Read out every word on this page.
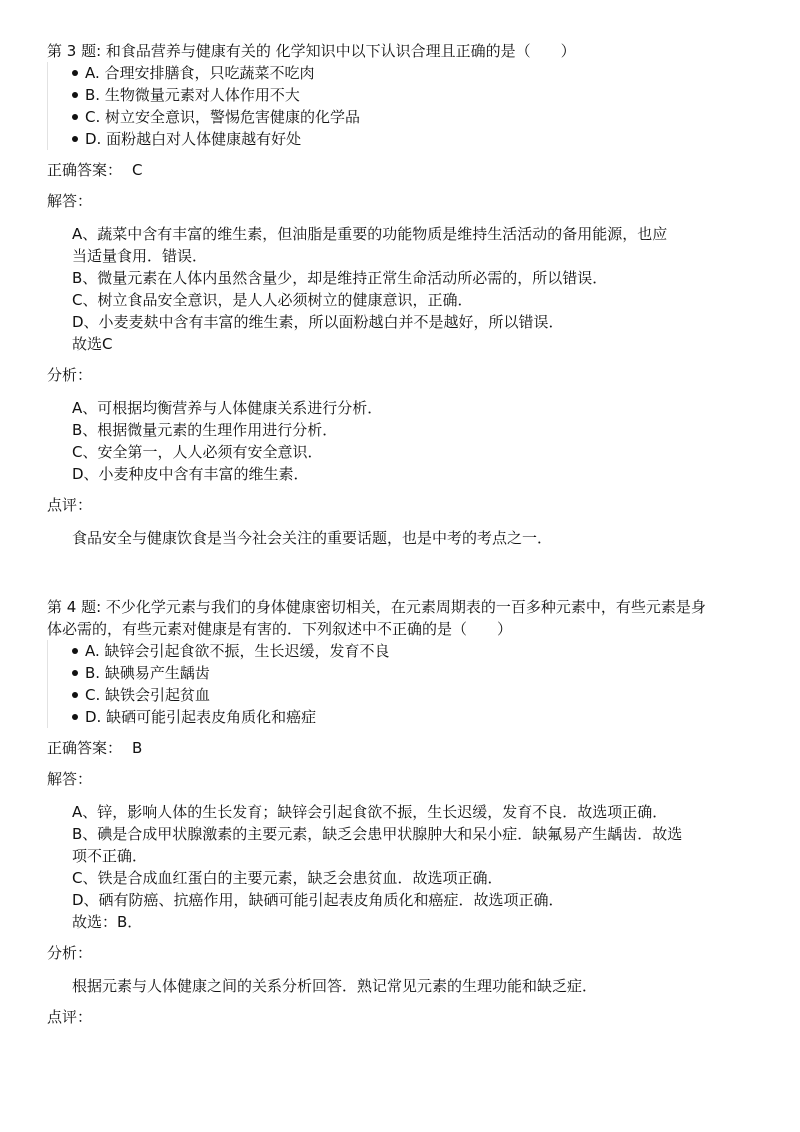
第 3 题: 和食品营养与健康有关的 化学知识中以下认识合理且正确的是（　　）

A. 合理安排膳食，只吃蔬菜不吃肉
B. 生物微量元素对人体作用不大
C. 树立安全意识，警惕危害健康的化学品
D. 面粉越白对人体健康越有好处
正确答案： C
解答：

A、蔬菜中含有丰富的维生素，但油脂是重要的功能物质是维持生活活动的备用能源，也应

当适量食用．错误．

B、微量元素在人体内虽然含量少，却是维持正常生命活动所必需的，所以错误．

C、树立食品安全意识，是人人必须树立的健康意识，正确．

D、小麦麦麸中含有丰富的维生素，所以面粉越白并不是越好，所以错误．

故选C

分析：

A、可根据均衡营养与人体健康关系进行分析．

B、根据微量元素的生理作用进行分析．

C、安全第一，人人必须有安全意识．

D、小麦种皮中含有丰富的维生素．

点评：

食品安全与健康饮食是当今社会关注的重要话题，也是中考的考点之一．

第 4 题: 不少化学元素与我们的身体健康密切相关，在元素周期表的一百多种元素中，有些元素是身
体必需的，有些元素对健康是有害的．下列叙述中不正确的是（　　）

A. 缺锌会引起食欲不振，生长迟缓，发育不良
B. 缺碘易产生龋齿
C. 缺铁会引起贫血
D. 缺硒可能引起表皮角质化和癌症
正确答案： B
解答：

A、锌，影响人体的生长发育；缺锌会引起食欲不振，生长迟缓，发育不良．故选项正确．

B、碘是合成甲状腺激素的主要元素，缺乏会患甲状腺肿大和呆小症．缺氟易产生龋齿．故选

项不正确．

C、铁是合成血红蛋白的主要元素，缺乏会患贫血．故选项正确．

D、硒有防癌、抗癌作用，缺硒可能引起表皮角质化和癌症．故选项正确．

故选：B．

分析：

根据元素与人体健康之间的关系分析回答．熟记常见元素的生理功能和缺乏症．

点评：
